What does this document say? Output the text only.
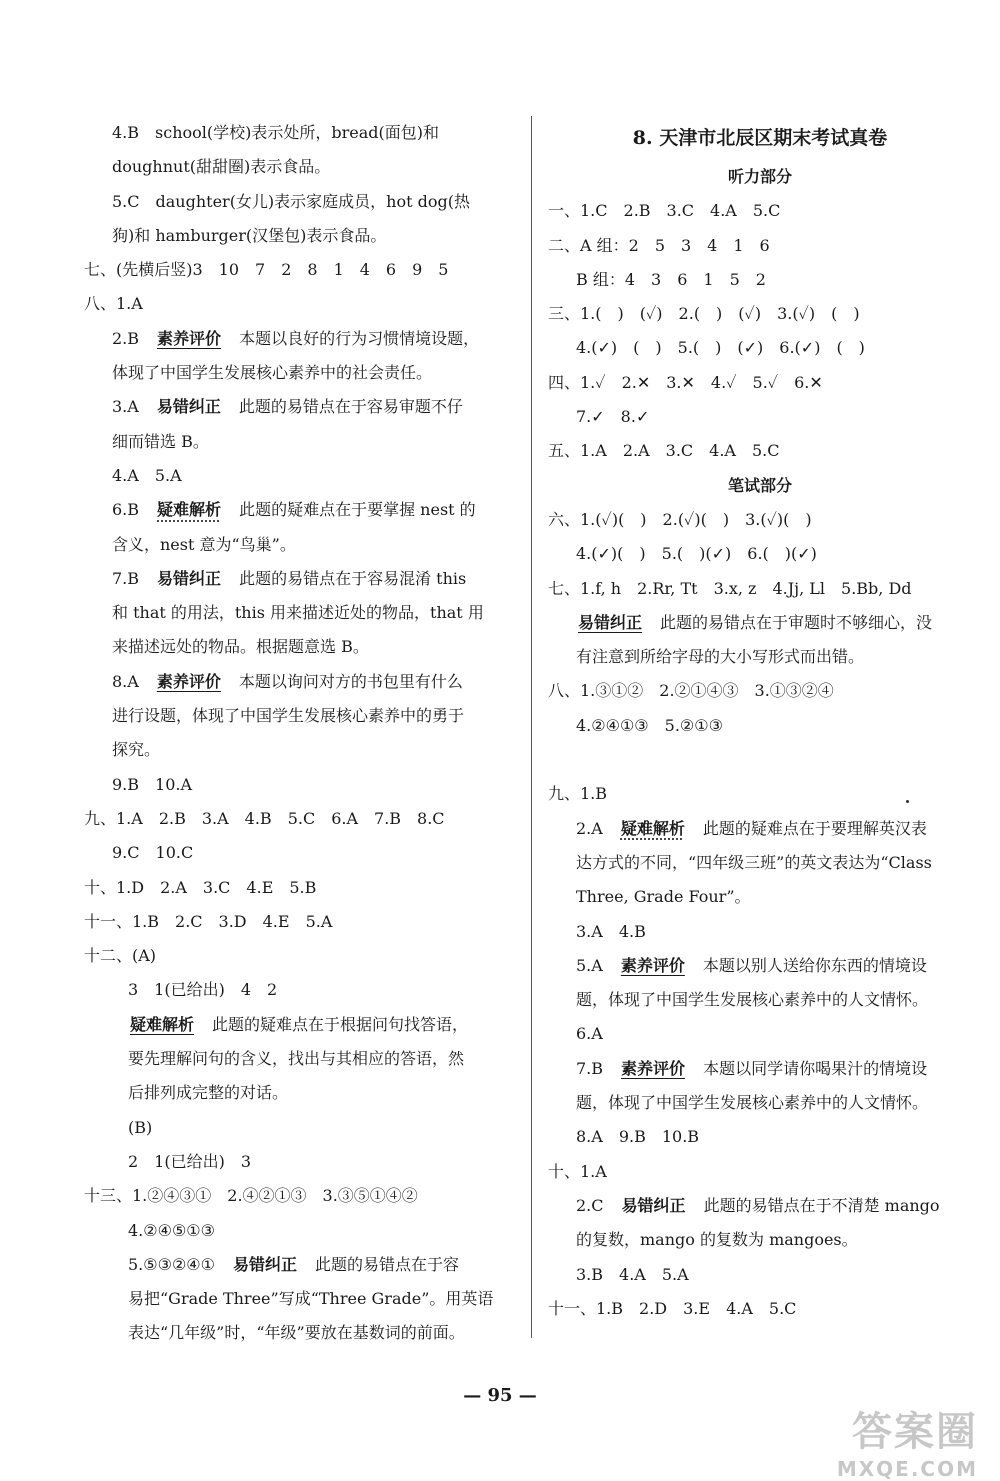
4.B　school(学校)表示处所，bread(面包)和
doughnut(甜甜圈)表示食品。
5.C　daughter(女儿)表示家庭成员，hot dog(热
狗)和 hamburger(汉堡包)表示食品。
七、(先横后竖)3　10　7　2　8　1　4　6　9　5
八、1.A
2.B　 素养评价　 本题以良好的行为习惯情境设题，
体现了中国学生发展核心素养中的社会责任。
3.A　 易错纠正　 此题的易错点在于容易审题不仔
细而错选 B。
4.A　5.A
6.B　 疑难解析　 此题的疑难点在于要掌握 nest 的
含义，nest 意为“鸟巢”。
7.B　 易错纠正　 此题的易错点在于容易混淆 this
和 that 的用法，this 用来描述近处的物品，that 用
来描述远处的物品。根据题意选 B。
8.A　 素养评价　 本题以询问对方的书包里有什么
进行设题，体现了中国学生发展核心素养中的勇于
探究。
9.B　10.A
九、1.A　2.B　3.A　4.B　5.C　6.A　7.B　8.C
9.C　10.C
十、1.D　2.A　3.C　4.E　5.B
十一、1.B　2.C　3.D　4.E　5.A
十二、(A)
3　1(已给出)　4　2
疑难解析　 此题的疑难点在于根据问句找答语，
要先理解问句的含义，找出与其相应的答语，然
后排列成完整的对话。
(B)
2　1(已给出)　3
十三、1.②④③①　2.④②①③　3.③⑤①④②
4.②④⑤①③
5.⑤③②④①　 易错纠正　 此题的易错点在于容
易把“Grade Three”写成“Three Grade”。用英语
表达“几年级”时，“年级”要放在基数词的前面。
8. 天津市北辰区期末考试真卷
听力部分
一、1.C　2.B　3.C　4.A　5.C
二、A 组：2　5　3　4　1　6
B 组：4　3　6　1　5　2
三、1.(　)　(✓)　2.(　)　(✓)　3.(✓)　(　)
4.(✓)　(　)　5.(　)　(✓)　6.(✓)　(　)
四、1.✓　2.✕　3.✕　4.✓　5.✓　6.✕
7.✓　8.✓
五、1.A　2.A　3.C　4.A　5.C
笔试部分
六、1.(✓)(　)　2.(✓)(　)　3.(✓)(　)
4.(✓)(　)　5.(　)(✓)　6.(　)(✓)
七、1.f, h　2.Rr, Tt　3.x, z　4.Jj, Ll　5.Bb, Dd
易错纠正　 此题的易错点在于审题时不够细心，没
有注意到所给字母的大小写形式而出错。
八、1.③①②　2.②①④③　3.①③②④
4.②④①③　5.②①③
九、1.B
2.A　 疑难解析　 此题的疑难点在于要理解英汉表
达方式的不同，“四年级三班”的英文表达为“Class
Three, Grade Four”。
3.A　4.B
5.A　 素养评价　 本题以别人送给你东西的情境设
题，体现了中国学生发展核心素养中的人文情怀。
6.A
7.B　 素养评价　 本题以同学请你喝果汁的情境设
题，体现了中国学生发展核心素养中的人文情怀。
8.A　9.B　10.B
十、1.A
2.C　 易错纠正　 此题的易错点在于不清楚 mango
的复数，mango 的复数为 mangoes。
3.B　4.A　5.A
十一、1.B　2.D　3.E　4.A　5.C
— 95 —
答案圈
MXQE.COM
